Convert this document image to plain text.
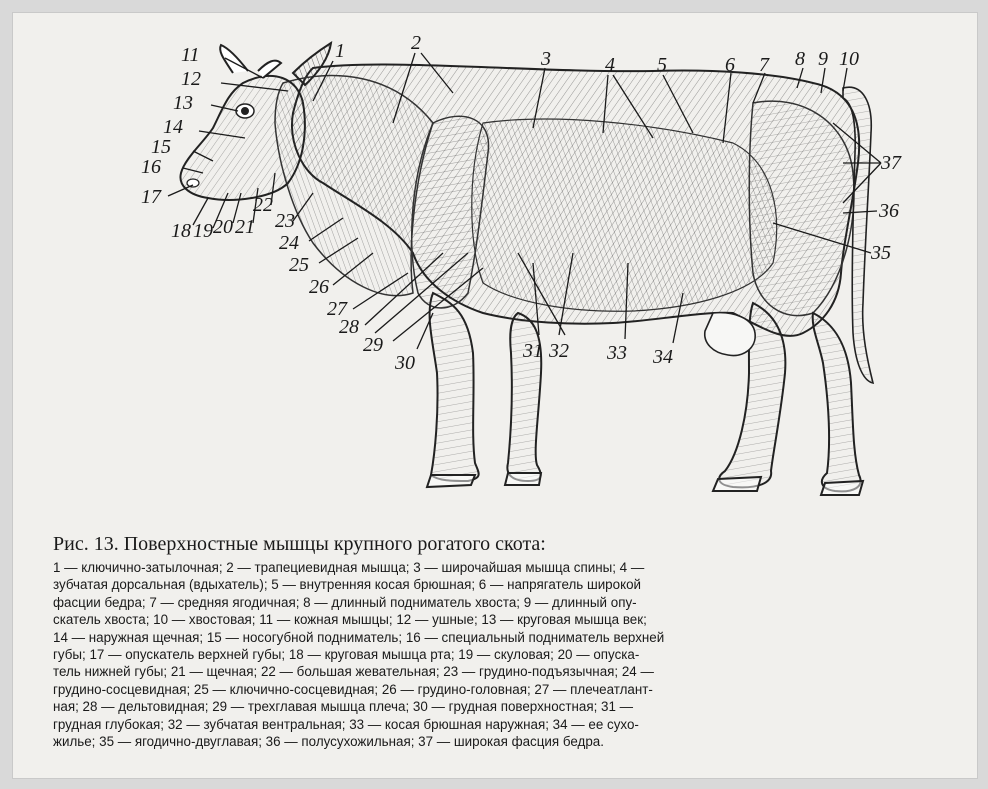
1	2
3	4 5	6 7 8 9 10
11
12
13
14
15
16
17
18 19 20 21
22
23
24
25
26
27
28
29
30
31 32 33 34
35
36
37
Рис. 13. Поверхностные мышцы крупного рогатого скота:
1 — ключично-затылочная; 2 — трапециевидная мышца; 3 — широчайшая мышца спины; 4 —
зубчатая дорсальная (вдыхатель); 5 — внутренняя косая брюшная; 6 — напрягатель широкой
фасции бедра; 7 — средняя ягодичная; 8 — длинный подниматель хвоста; 9 — длинный опу-
скатель хвоста; 10 — хвостовая; 11 — кожная мышцы; 12 — ушные; 13 — круговая мышца век;
14 — наружная щечная; 15 — носогубной подниматель; 16 — специальный подниматель верхней
губы; 17 — опускатель верхней губы; 18 — круговая мышца рта; 19 — скуловая; 20 — опуска-
тель нижней губы; 21 — щечная; 22 — большая жевательная; 23 — грудино-подъязычная; 24 —
грудино-сосцевидная; 25 — ключично-сосцевидная; 26 — грудино-головная; 27 — плечеатлант-
ная; 28 — дельтовидная; 29 — трехглавая мышца плеча; 30 — грудная поверхностная; 31 —
грудная глубокая; 32 — зубчатая вентральная; 33 — косая брюшная наружная; 34 — ее сухо-
жилье; 35 — ягодично-двуглавая; 36 — полусухожильная; 37 — широкая фасция бедра.
